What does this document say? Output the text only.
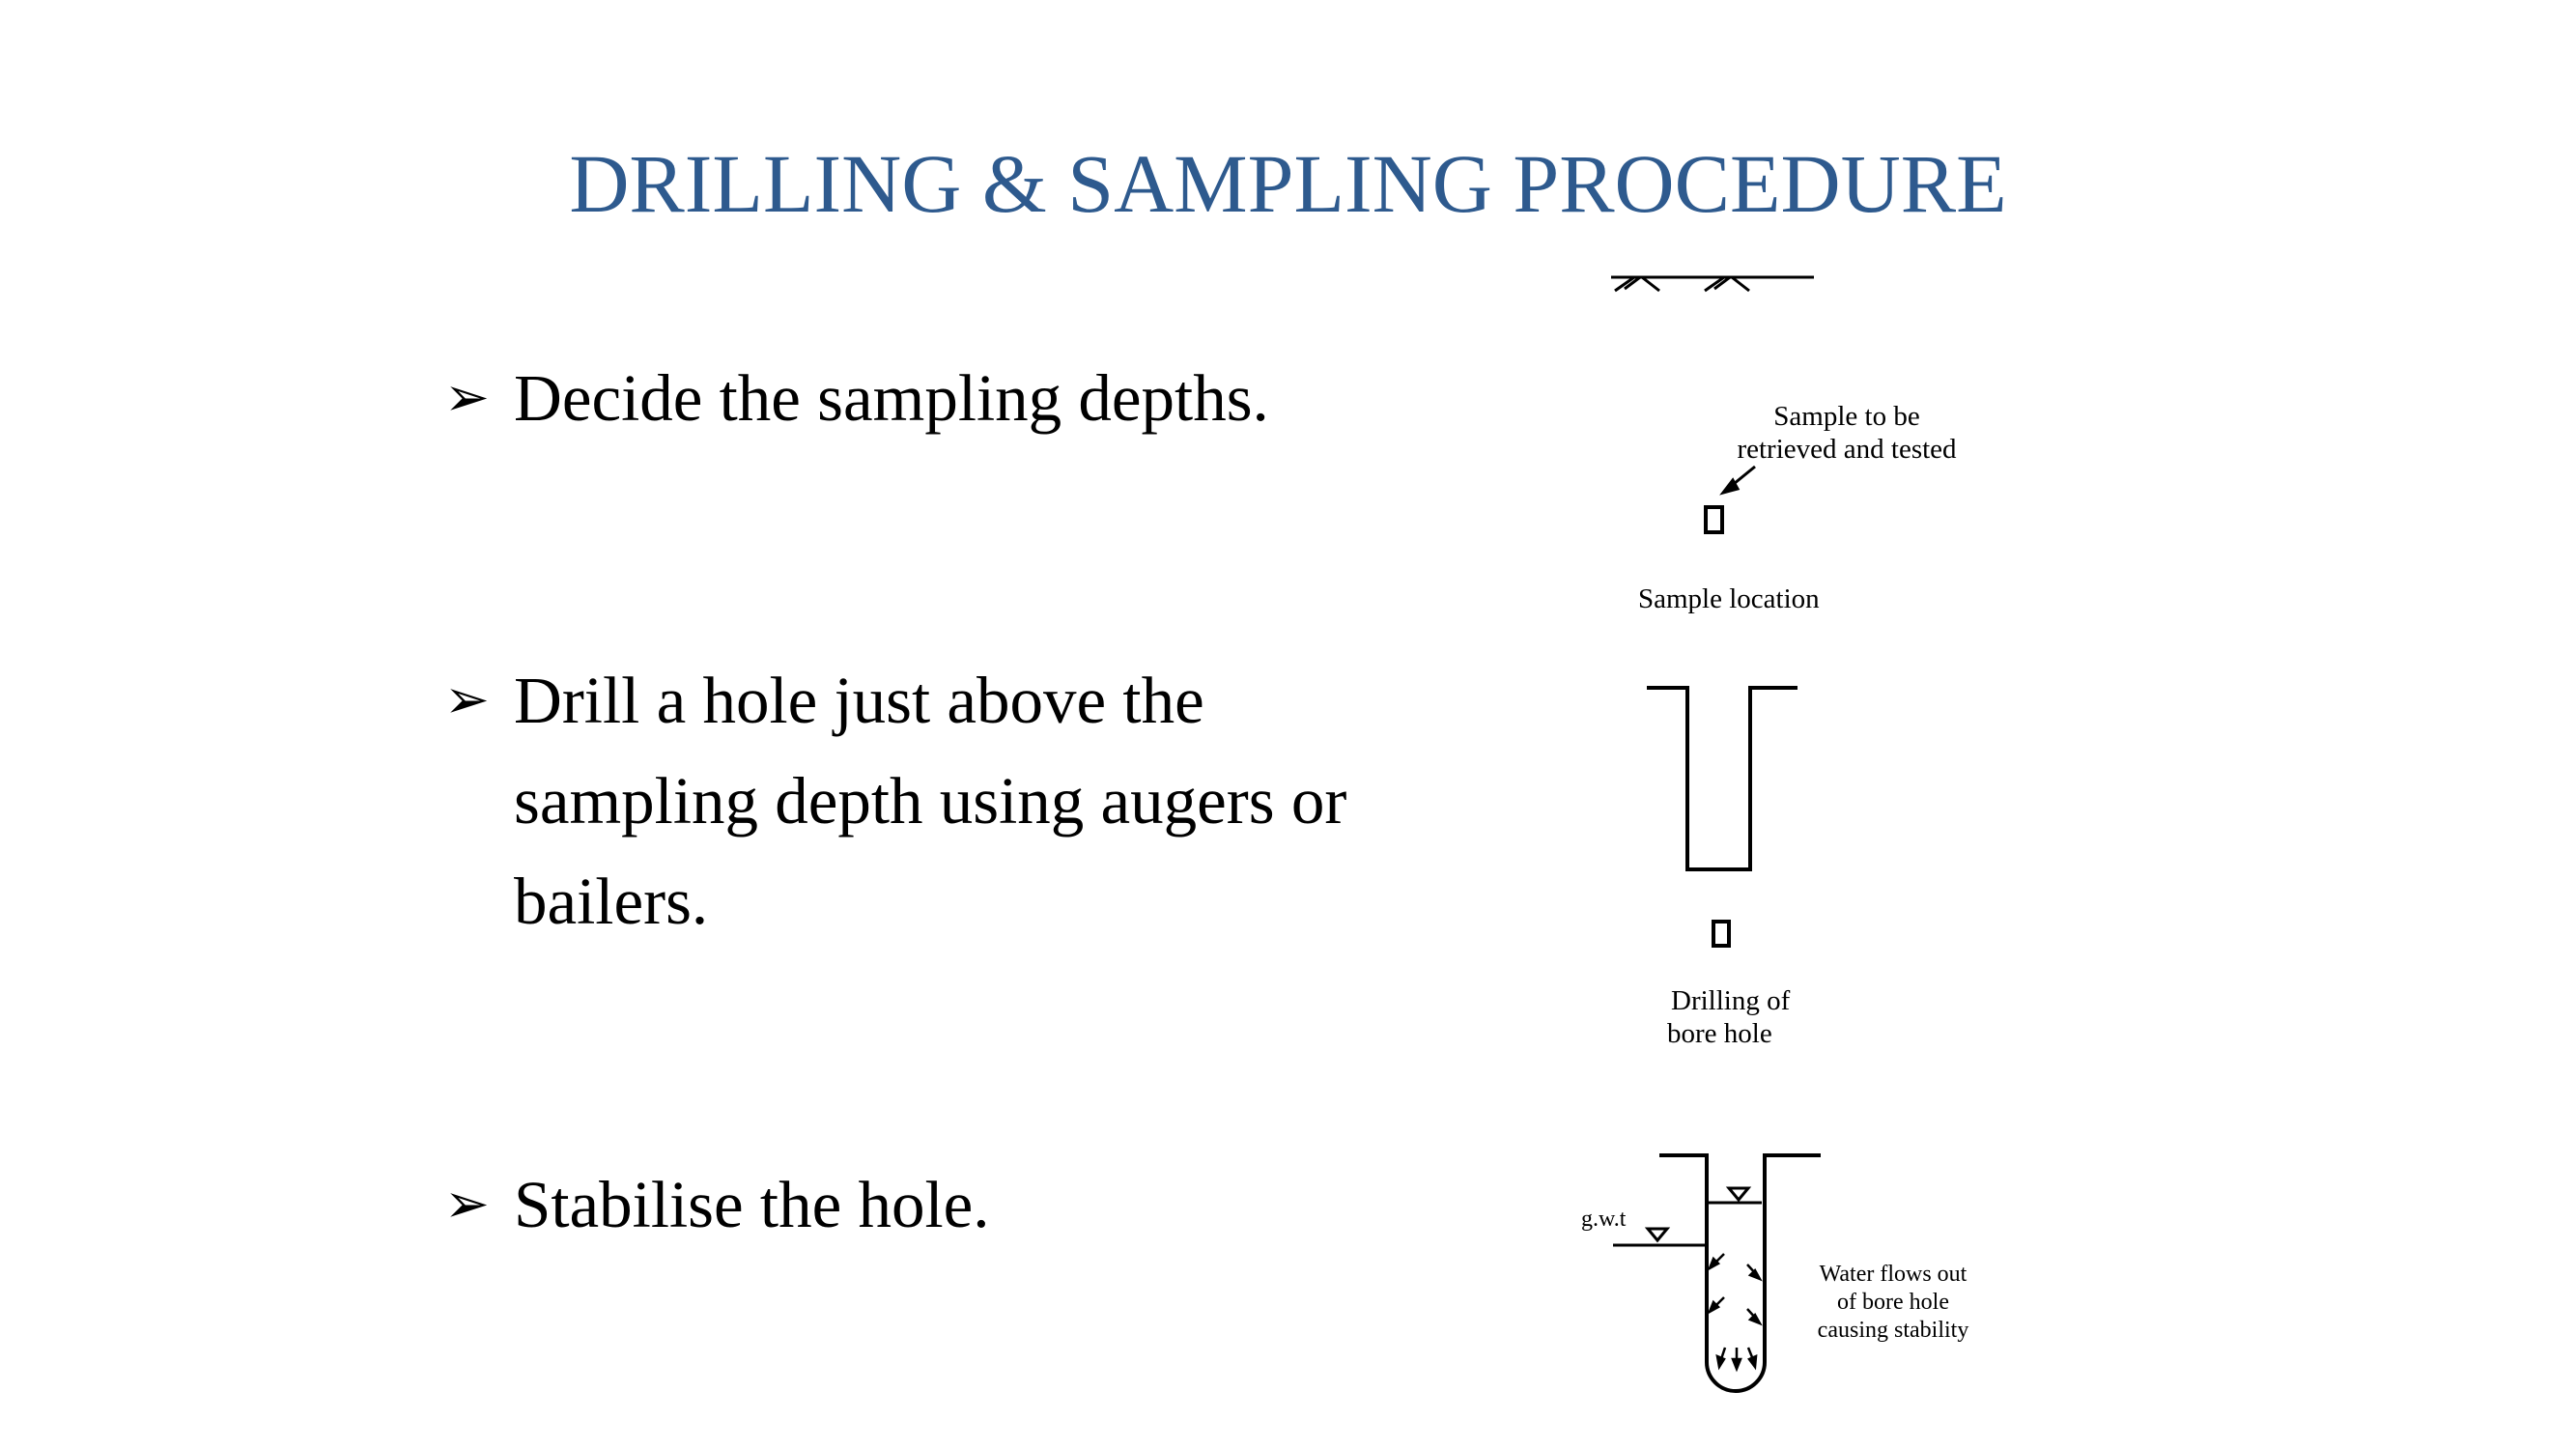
DRILLING & SAMPLING PROCEDURE
➢ Decide the sampling depths.
➢ Drill a hole just above the sampling depth using augers or bailers.
➢ Stabilise the hole.
Sample to be
retrieved and tested
Sample location
Drilling of
bore hole
g.w.t
Water flows out
of bore hole
causing stability
